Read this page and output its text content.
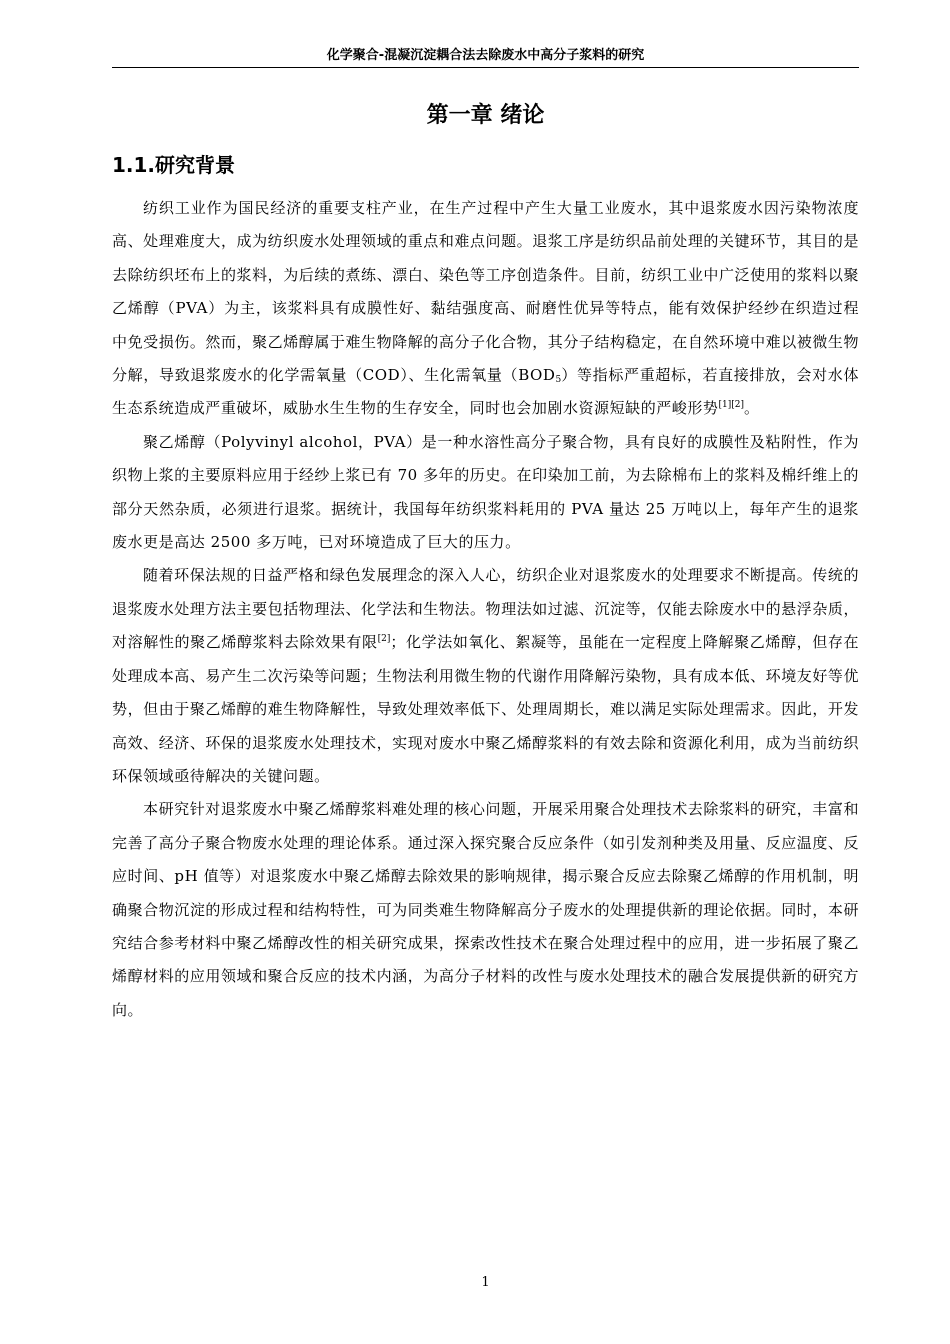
化学聚合-混凝沉淀耦合法去除废水中高分子浆料的研究
第一章 绪论
1.1.研究背景

纺织工业作为国民经济的重要支柱产业，在生产过程中产生大量工业废水，其中退浆废水因污染物浓度高、处理难度大，成为纺织废水处理领域的重点和难点问题。退浆工序是纺织品前处理的关键环节，其目的是去除纺织坯布上的浆料，为后续的煮练、漂白、染色等工序创造条件。目前，纺织工业中广泛使用的浆料以聚乙烯醇（PVA）为主，该浆料具有成膜性好、黏结强度高、耐磨性优异等特点，能有效保护经纱在织造过程中免受损伤。然而，聚乙烯醇属于难生物降解的高分子化合物，其分子结构稳定，在自然环境中难以被微生物分解，导致退浆废水的化学需氧量（COD）、生化需氧量$(BOD_5)$等指标严重超标，若直接排放，会对水体生态系统造成严重破坏，威胁水生生物的生存安全，同时也会加剧水资源短缺的严峻形势[1][2]。

聚乙烯醇（Polyvinyl alcohol，PVA）是一种水溶性高分子聚合物，具有良好的成膜性及粘附性，作为织物上浆的主要原料应用于经纱上浆已有 70 多年的历史。在印染加工前，为去除棉布上的浆料及棉纤维上的部分天然杂质，必须进行退浆。据统计，我国每年纺织浆料耗用的 PVA 量达 25 万吨以上，每年产生的退浆废水更是高达 2500 多万吨，已对环境造成了巨大的压力。

随着环保法规的日益严格和绿色发展理念的深入人心，纺织企业对退浆废水的处理要求不断提高。传统的退浆废水处理方法主要包括物理法、化学法和生物法。物理法如过滤、沉淀等，仅能去除废水中的悬浮杂质，对溶解性的聚乙烯醇浆料去除效果有限[2]；化学法如氧化、絮凝等，虽能在一定程度上降解聚乙烯醇，但存在处理成本高、易产生二次污染等问题；生物法利用微生物的代谢作用降解污染物，具有成本低、环境友好等优势，但由于聚乙烯醇的难生物降解性，导致处理效率低下、处理周期长，难以满足实际处理需求。因此，开发高效、经济、环保的退浆废水处理技术，实现对废水中聚乙烯醇浆料的有效去除和资源化利用，成为当前纺织环保领域亟待解决的关键问题。

本研究针对退浆废水中聚乙烯醇浆料难处理的核心问题，开展采用聚合处理技术去除浆料的研究，丰富和完善了高分子聚合物废水处理的理论体系。通过深入探究聚合反应条件（如引发剂种类及用量、反应温度、反应时间、pH 值等）对退浆废水中聚乙烯醇去除效果的影响规律，揭示聚合反应去除聚乙烯醇的作用机制，明确聚合物沉淀的形成过程和结构特性，可为同类难生物降解高分子废水的处理提供新的理论依据。同时，本研究结合参考材料中聚乙烯醇改性的相关研究成果，探索改性技术在聚合处理过程中的应用，进一步拓展了聚乙烯醇材料的应用领域和聚合反应的技术内涵，为高分子材料的改性与废水处理技术的融合发展提供新的研究方向。

1
